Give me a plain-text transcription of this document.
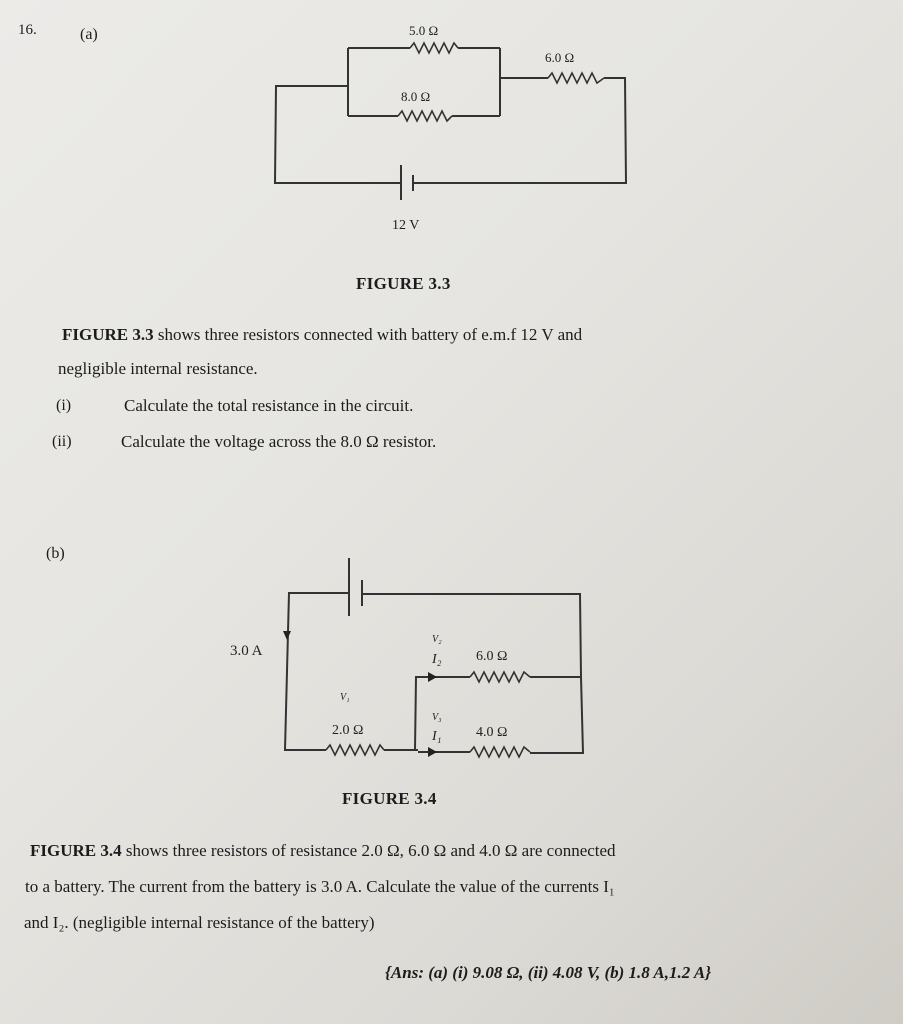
16.	(a)	5.0 Ω
8.0 Ω
6.0 Ω
12 V
FIGURE 3.3
FIGURE 3.3 shows three resistors connected with battery of e.m.f 12 V and
negligible internal resistance.
(i)	Calculate the total resistance in the circuit.
(ii)	Calculate the voltage across the 8.0 Ω resistor.
(b)
3.0 A
2.0 Ω
6.0 Ω
4.0 Ω
I₂
I₁
V₁
V₂
V₃
FIGURE 3.4
FIGURE 3.4 shows three resistors of resistance 2.0 Ω, 6.0 Ω and 4.0 Ω are connected
to a battery. The current from the battery is 3.0 A. Calculate the value of the currents I₁
and I₂. (negligible internal resistance of the battery)
{Ans: (a) (i) 9.08 Ω, (ii) 4.08 V, (b) 1.8 A,1.2 A}
